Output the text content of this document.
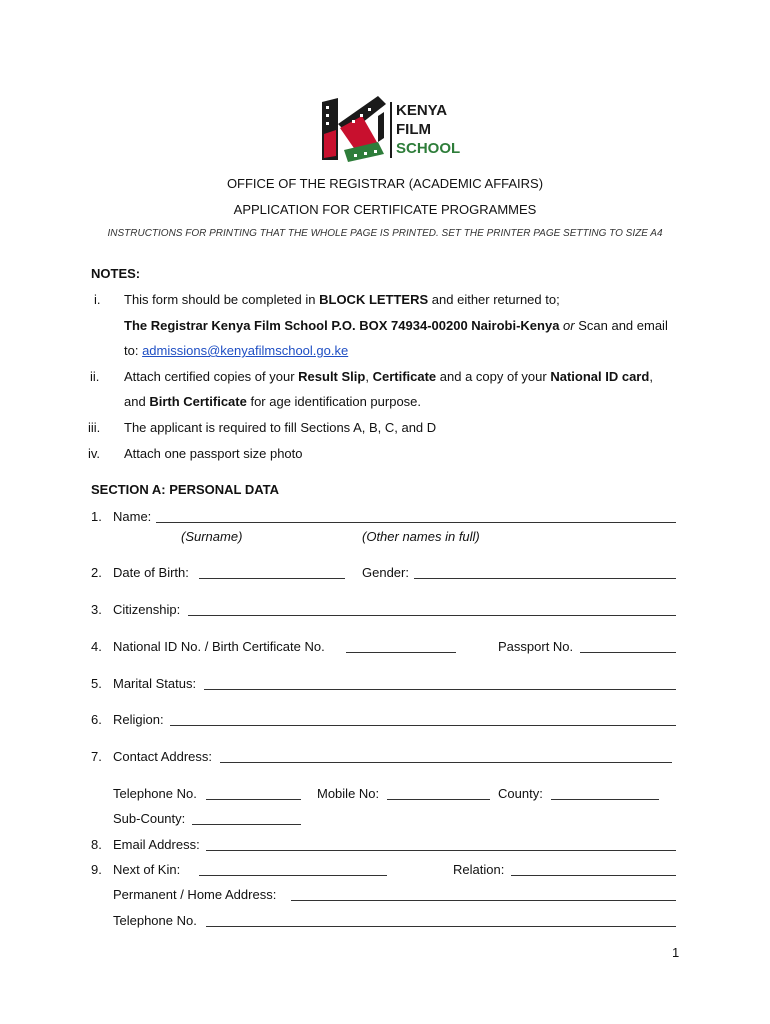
KENYA
FILM
SCHOOL
OFFICE OF THE REGISTRAR (ACADEMIC AFFAIRS)
APPLICATION FOR CERTIFICATE PROGRAMMES
INSTRUCTIONS FOR PRINTING THAT THE WHOLE PAGE IS PRINTED. SET THE PRINTER PAGE SETTING TO SIZE A4
NOTES:
i. This form should be completed in BLOCK LETTERS and either returned to;
The Registrar Kenya Film School P.O. BOX 74934-00200 Nairobi-Kenya or Scan and email
to: admissions@kenyafilmschool.go.ke
ii. Attach certified copies of your Result Slip, Certificate and a copy of your National ID card,
and Birth Certificate for age identification purpose.
iii. The applicant is required to fill Sections A, B, C, and D
iv. Attach one passport size photo
SECTION A: PERSONAL DATA
1. Name:
(Surname)	(Other names in full)
2. Date of Birth:	Gender:
3. Citizenship:
4. National ID No. / Birth Certificate No.	Passport No.
5. Marital Status:
6. Religion:
7. Contact Address:
Telephone No.	Mobile No:	County:
Sub-County:
8. Email Address:
9. Next of Kin:	Relation:
Permanent / Home Address:
Telephone No.
1
